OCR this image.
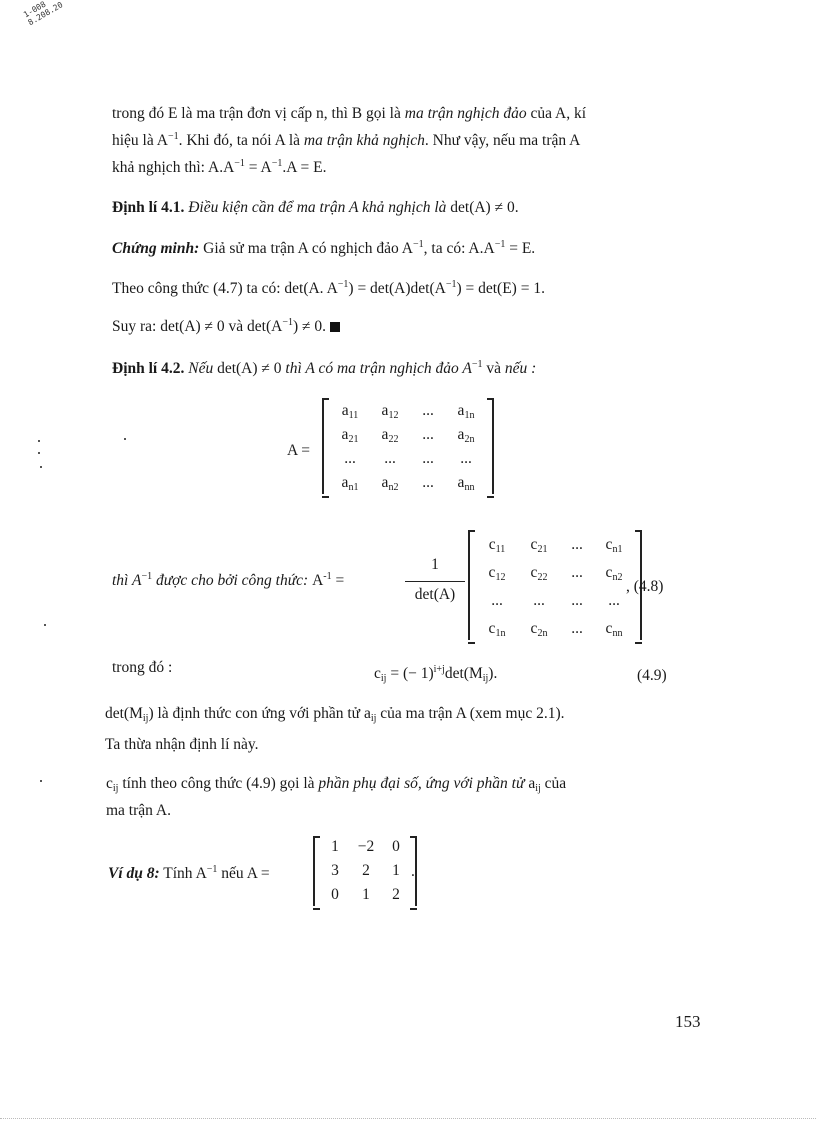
1-008 8.208.20
trong đó E là ma trận đơn vị cấp n, thì B gọi là ma trận nghịch đảo của A, kí
hiệu là $A^{-1}$. Khi đó, ta nói A là ma trận khả nghịch. Như vậy, nếu ma trận A
khả nghịch thì: $A.A^{-1} = A^{-1}.A = E$.
Định lí 4.1. Điều kiện cần để ma trận A khả nghịch là det(A) ≠ 0.
Chứng minh: Giả sử ma trận A có nghịch đảo $A^{-1}$, ta có: $A.A^{-1} = E$.
Theo công thức (4.7) ta có: det(A. $A^{-1}) = \det(A)\det(A^{-1}) = \det(E) = 1$.
Suy ra: det(A) ≠ 0 và $\det(A^{-1}) \ne 0$.
Định lí 4.2. Nếu det(A) ≠ 0 thì A có ma trận nghịch đảo $A^{-1}$ và nếu :
A =
$a_{11}$	$a_{12}$	...	$a_{1n}$
$a_{21}$	$a_{22}$	...	$a_{2n}$
...	...	...	...
$a_{n1}$	$a_{n2}$	...	$a_{nn}$
thì $A^{-1}$ được cho bởi công thức: $A^{-1}$ =
1
det(A)
$c_{11}$	$c_{21}$	...	$c_{n1}$
$c_{12}$	$c_{22}$	...	$c_{n2}$
...	...	...	...
$c_{1n}$	$c_{2n}$	...	$c_{nn}$
, (4.8)
trong đó :	$c_{ij}$ = (− $1)^{i+j}\det(M_{ij})$.	(4.9)
$\det(M_{ij})$ là định thức con ứng với phần tử $a_{ij}$ của ma trận A (xem mục 2.1).
Ta thừa nhận định lí này.
$c_{ij}$ tính theo công thức (4.9) gọi là phần phụ đại số, ứng với phần tử $a_{ij}$ của
ma trận A.
Ví dụ 8: Tính $A^{-1}$ nếu A =
1	−2	0
3	2	1
0	1	2
.
153
